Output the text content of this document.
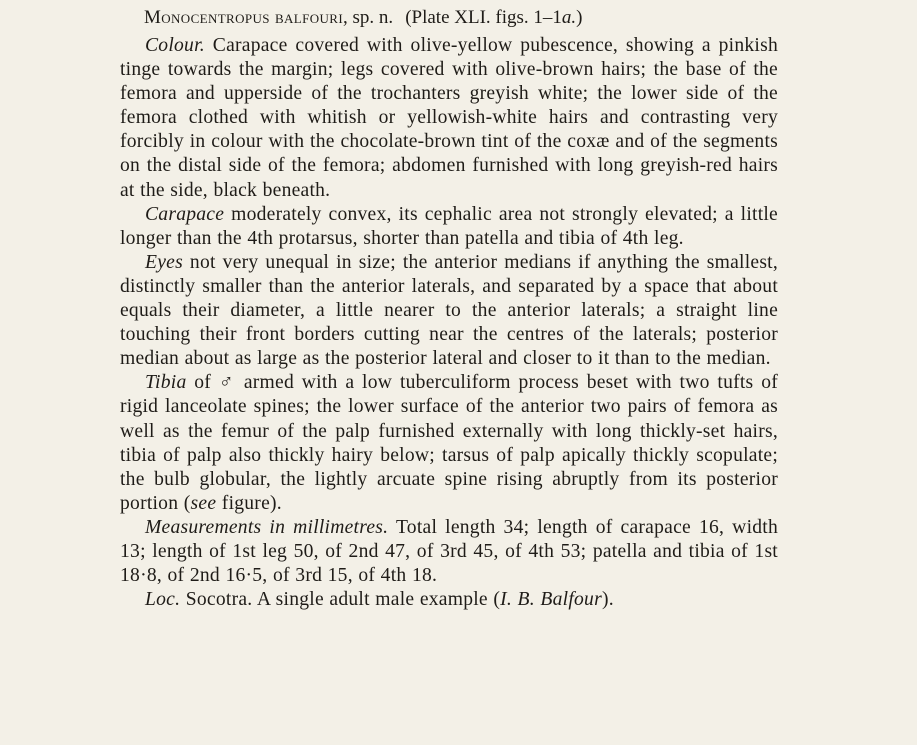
Monocentropus balfouri, sp. n. (Plate XLI. figs. 1–1a.)

Colour. Carapace covered with olive-yellow pubescence, showing a pinkish tinge towards the margin; legs covered with olive-brown hairs; the base of the femora and upperside of the trochanters greyish white; the lower side of the femora clothed with whitish or yellowish-white hairs and contrasting very forcibly in colour with the chocolate-brown tint of the coxæ and of the segments on the distal side of the femora; abdomen furnished with long greyish-red hairs at the side, black beneath.

Carapace moderately convex, its cephalic area not strongly elevated; a little longer than the 4th protarsus, shorter than patella and tibia of 4th leg.

Eyes not very unequal in size; the anterior medians if anything the smallest, distinctly smaller than the anterior laterals, and separated by a space that about equals their diameter, a little nearer to the anterior laterals; a straight line touching their front borders cutting near the centres of the laterals; posterior median about as large as the posterior lateral and closer to it than to the median.

Tibia of ♂ armed with a low tuberculiform process beset with two tufts of rigid lanceolate spines; the lower surface of the anterior two pairs of femora as well as the femur of the palp furnished externally with long thickly-set hairs, tibia of palp also thickly hairy below; tarsus of palp apically thickly scopulate; the bulb globular, the lightly arcuate spine rising abruptly from its posterior portion (see figure).

Measurements in millimetres. Total length 34; length of carapace 16, width 13; length of 1st leg 50, of 2nd 47, of 3rd 45, of 4th 53; patella and tibia of 1st 18·8, of 2nd 16·5, of 3rd 15, of 4th 18.

Loc. Socotra. A single adult male example (I. B. Balfour).
